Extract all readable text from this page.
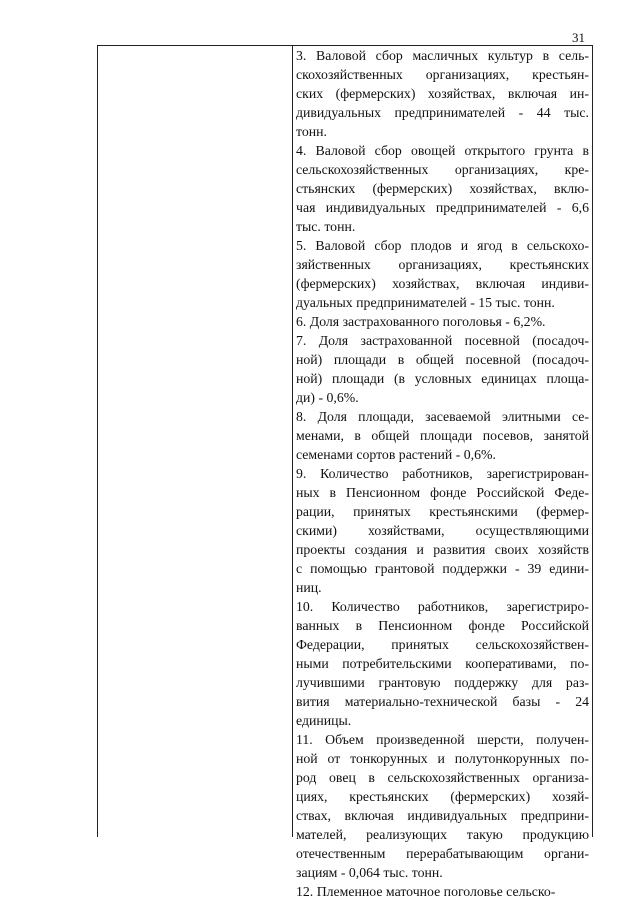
31
3. Валовой сбор масличных культур в сель-
скохозяйственных организациях, крестьян-
ских (фермерских) хозяйствах, включая ин-
дивидуальных предпринимателей - 44 тыс.
тонн.
4. Валовой сбор овощей открытого грунта в
сельскохозяйственных организациях, кре-
стьянских (фермерских) хозяйствах, вклю-
чая индивидуальных предпринимателей - 6,6
тыс. тонн.
5. Валовой сбор плодов и ягод в сельскохо-
зяйственных организациях, крестьянских
(фермерских) хозяйствах, включая индиви-
дуальных предпринимателей - 15 тыс. тонн.
6. Доля застрахованного поголовья - 6,2%.
7. Доля застрахованной посевной (посадоч-
ной) площади в общей посевной (посадоч-
ной) площади (в условных единицах площа-
ди) - 0,6%.
8. Доля площади, засеваемой элитными се-
менами, в общей площади посевов, занятой
семенами сортов растений - 0,6%.
9. Количество работников, зарегистрирован-
ных в Пенсионном фонде Российской Феде-
рации, принятых крестьянскими (фермер-
скими) хозяйствами, осуществляющими
проекты создания и развития своих хозяйств
с помощью грантовой поддержки - 39 едини-
ниц.
10. Количество работников, зарегистриро-
ванных в Пенсионном фонде Российской
Федерации, принятых сельскохозяйствен-
ными потребительскими кооперативами, по-
лучившими грантовую поддержку для раз-
вития материально-технической базы - 24
единицы.
11. Объем произведенной шерсти, получен-
ной от тонкорунных и полутонкорунных по-
род овец в сельскохозяйственных организа-
циях, крестьянских (фермерских) хозяй-
ствах, включая индивидуальных предприни-
мателей, реализующих такую продукцию
отечественным перерабатывающим органи-
зациям - 0,064 тыс. тонн.
12. Племенное маточное поголовье сельско-
